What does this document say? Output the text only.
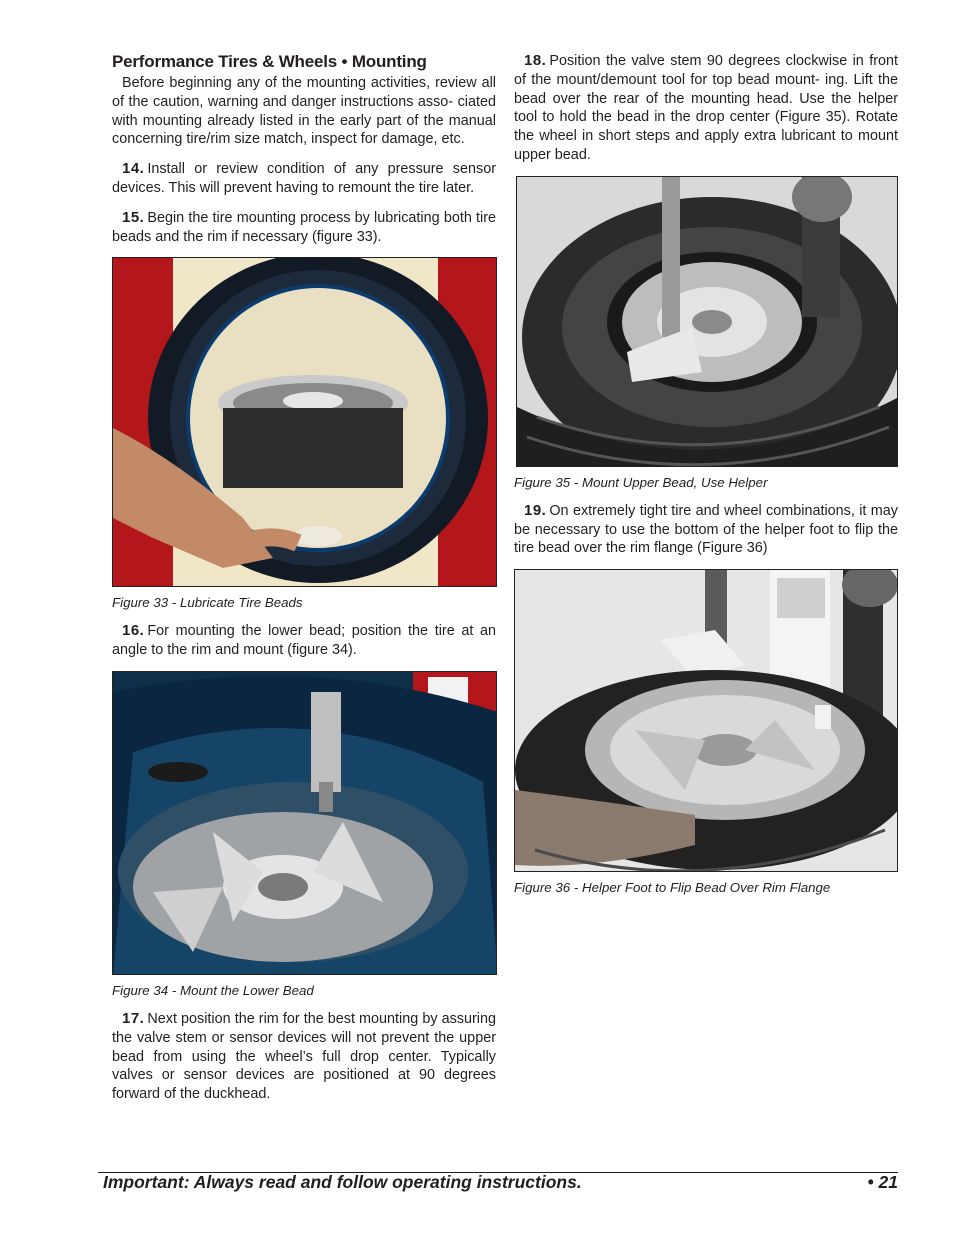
Performance Tires & Wheels • Mounting

Before beginning any of the mounting activities, review all of the caution, warning and danger instructions asso- ciated with mounting already listed in the early part of the manual concerning tire/rim size match, inspect for damage, etc.

14. Install or review condition of any pressure sensor devices. This will prevent having to remount the tire later.

15. Begin the tire mounting process by lubricating both tire beads and the rim if necessary (figure 33).

Figure 33 - Lubricate Tire Beads

16. For mounting the lower bead; position the tire at an angle to the rim and mount (figure 34).

Figure 34 - Mount the Lower Bead

17. Next position the rim for the best mounting by assuring the valve stem or sensor devices will not prevent the upper bead from using the wheel’s full drop center. Typically valves or sensor devices are positioned at 90 degrees forward of the duckhead.

18. Position the valve stem 90 degrees clockwise in front of the mount/demount tool for top bead mount- ing. Lift the bead over the rear of the mounting head. Use the helper tool to hold the bead in the drop center (Figure 35). Rotate the wheel in short steps and apply extra lubricant to mount upper bead.

Figure 35 - Mount Upper Bead, Use Helper

19. On extremely tight tire and wheel combinations, it may be necessary to use the bottom of the helper foot to flip the tire bead over the rim flange (Figure 36)

Figure 36 - Helper Foot to Flip Bead Over Rim Flange
Important: Always read and follow operating instructions.	• 21
